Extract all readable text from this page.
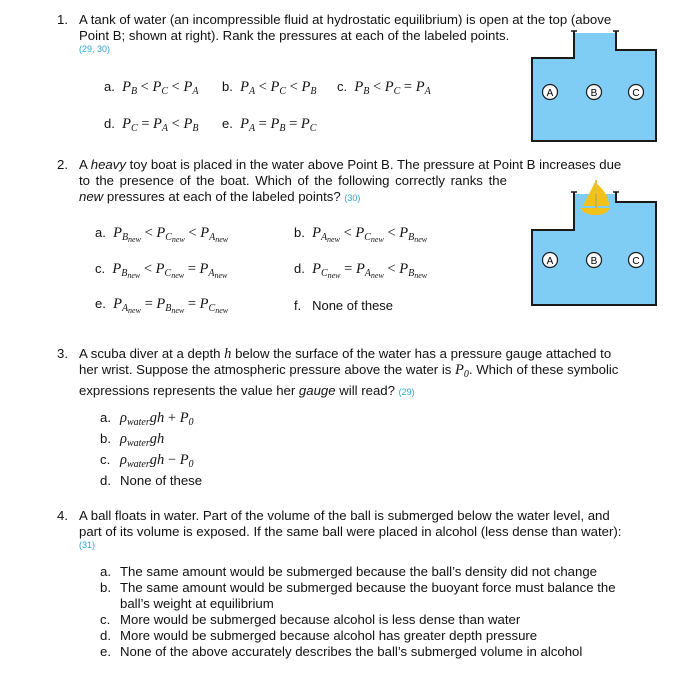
1. A tank of water (an incompressible fluid at hydrostatic equilibrium) is open at the top (above
Point B; shown at right). Rank the pressures at each of the labeled points.
(29, 30)
a. $P_B < P_C < P_A$ b. $P_A < P_C < P_B$ c. $P_B < P_C = P_A$
d. $P_C = P_A < P_B$ e. $P_A = P_B = P_C$
A	B	C
2. A heavy toy boat is placed in the water above Point B. The pressure at Point B increases due
to the presence of the boat. Which of the following correctly ranks the
new pressures at each of the labeled points? (30)
a. $P_{B_{new}} < P_{C_{new}} < P_{A_{new}}$	b. $P_{A_{new}} < P_{C_{new}} < P_{B_{new}}$
c. $P_{B_{new}} < P_{C_{new}} = P_{A_{new}}$	d. $P_{C_{new}} = P_{A_{new}} < P_{B_{new}}$
e. $P_{A_{new}} = P_{B_{new}} = P_{C_{new}}$	f. None of these
A	B	C
3. A scuba diver at a depth h below the surface of the water has a pressure gauge attached to
her wrist. Suppose the atmospheric pressure above the water is $P_0$. Which of these symbolic
expressions represents the value her gauge will read? (29)
a. $\rho_{water}gh + P_0$
b. $\rho_{water}gh$
c. $\rho_{water}gh - P_0$
d. None of these
4. A ball floats in water. Part of the volume of the ball is submerged below the water level, and
part of its volume is exposed. If the same ball were placed in alcohol (less dense than water):
(31)
a. The same amount would be submerged because the ball’s density did not change
b. The same amount would be submerged because the buoyant force must balance the
ball’s weight at equilibrium
c. More would be submerged because alcohol is less dense than water
d. More would be submerged because alcohol has greater depth pressure
e. None of the above accurately describes the ball’s submerged volume in alcohol
